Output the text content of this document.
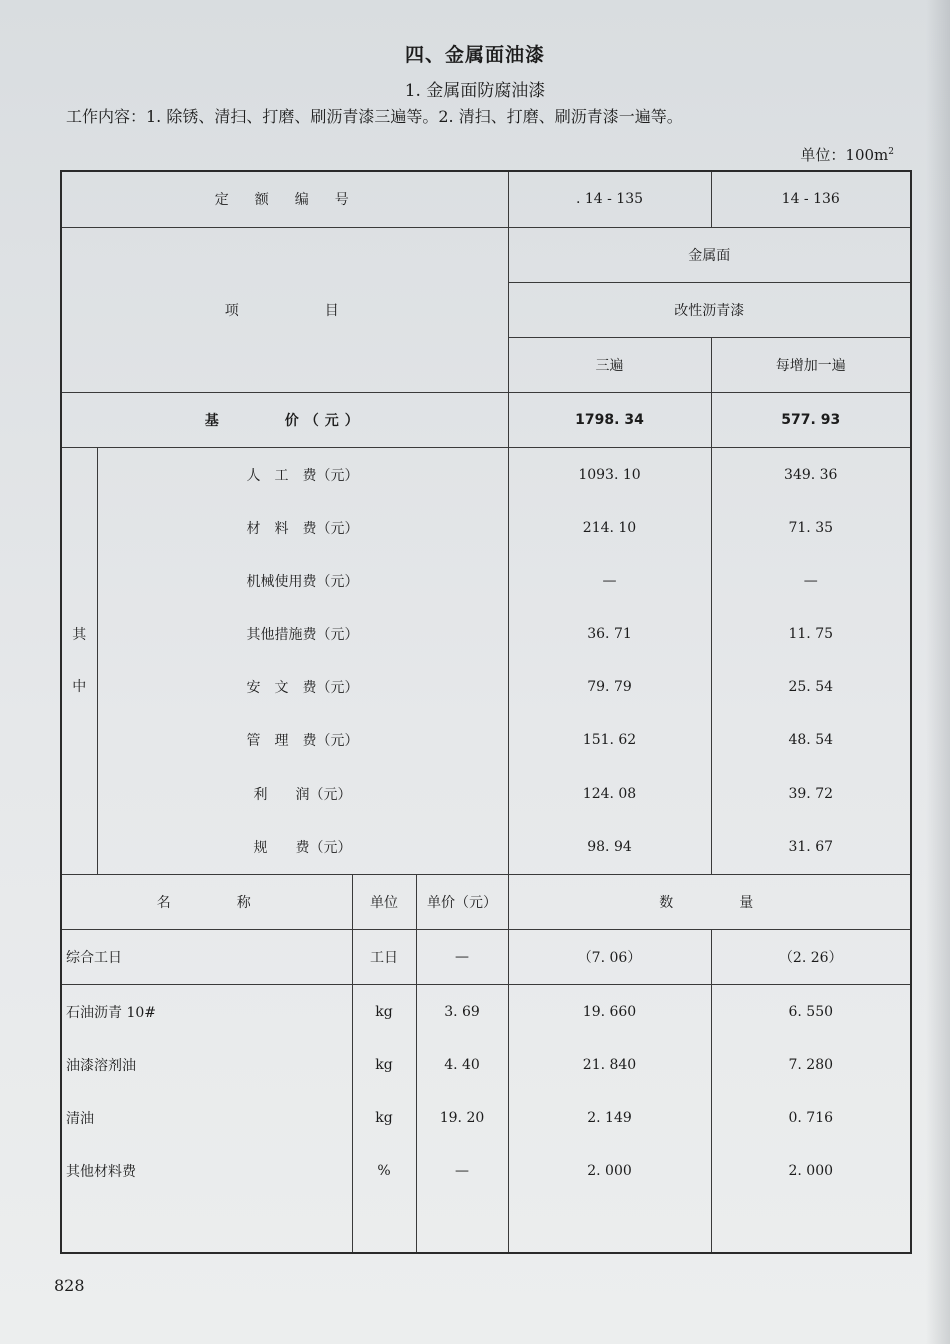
四、金属面油漆
1. 金属面防腐油漆
工作内容：1. 除锈、清扫、打磨、刷沥青漆三遍等。2. 清扫、打磨、刷沥青漆一遍等。
单位：$100m^2$
定　额　编　号				. 14 - 135	14 - 136
项　　　　目				金属面	
				改性沥青漆	
				三遍	每增加一遍
基　　　价（元）				1798. 34	577. 93
其
中	人　工　费（元）			1093. 10	349. 36
	材　料　费（元）			214. 10	71. 35
	机械使用费（元）			—	—
	其他措施费（元）			36. 71	11. 75
	安　文　费（元）			79. 79	25. 54
	管　理　费（元）			151. 62	48. 54
	利　　润（元）			124. 08	39. 72
	规　　费（元）			98. 94	31. 67
名　　　称		单位	单价（元）	数　　　量	
综合工日		工日	—	（7. 06）	（2. 26）
石油沥青 10#		kg	3. 69	19. 660	6. 550
油漆溶剂油		kg	4. 40	21. 840	7. 280
清油		kg	19. 20	2. 149	0. 716
其他材料费		%	—	2. 000	2. 000

828
